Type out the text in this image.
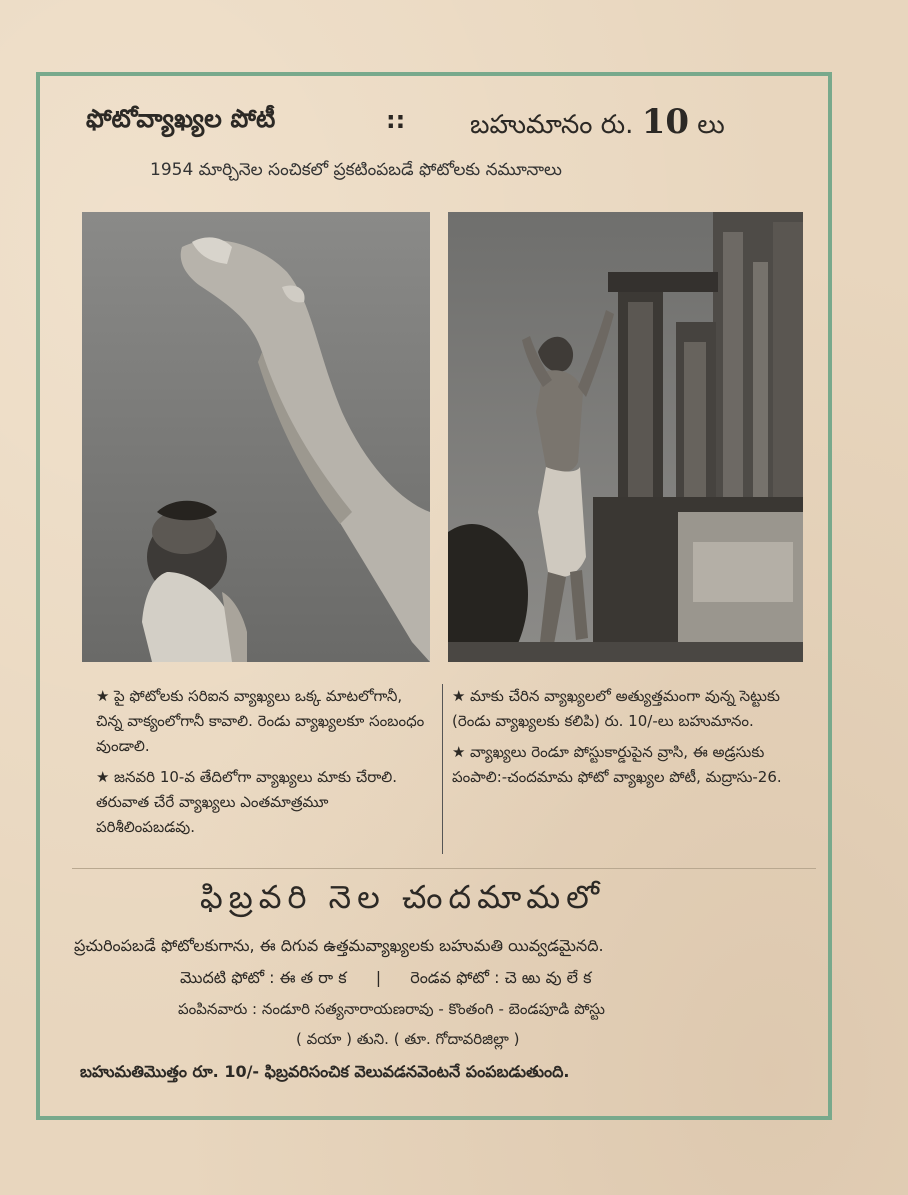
ఫోటోవ్యాఖ్యల పోటీ	:: బహుమానం రు. 10 లు
1954 మార్చినెల సంచికలో ప్రకటింపబడే ఫోటోలకు నమూనాలు
★ పై ఫోటోలకు సరిఐన వ్యాఖ్యలు ఒక్క మాటలోగానీ, చిన్న వాక్యంలోగానీ కావాలి. రెండు వ్యాఖ్యలకూ సంబంధం వుండాలి.
★ జనవరి 10-వ తేదిలోగా వ్యాఖ్యలు మాకు చేరాలి. తరువాత చేరే వ్యాఖ్యలు ఎంతమాత్రమూ పరిశీలింపబడవు.
★ మాకు చేరిన వ్యాఖ్యలలో అత్యుత్తమంగా వున్న సెట్టుకు (రెండు వ్యాఖ్యలకు కలిపి) రు. 10/-లు బహుమానం.
★ వ్యాఖ్యలు రెండూ పోస్టుకార్డుపైన వ్రాసి, ఈ అడ్రసుకు పంపాలి:-చందమామ ఫోటో వ్యాఖ్యల పోటీ, మద్రాసు-26.
ఫిబ్రవరి నెల చందమామలో
ప్రచురింపబడే ఫోటోలకుగాను, ఈ దిగువ ఉత్తమవ్యాఖ్యలకు బహుమతి యివ్వడమైనది.
మొదటి ఫోటో : ఈ త రా క | రెండవ ఫోటో : చె ఱు వు లే క
పంపినవారు : నండూరి సత్యనారాయణరావు - కొంతంగి - బెండపూడి పోస్టు
( వయా ) తుని. ( తూ. గోదావరిజిల్లా )
బహుమతిమొత్తం రూ. 10/- ఫిబ్రవరిసంచిక వెలువడనవెంటనే పంపబడుతుంది.
